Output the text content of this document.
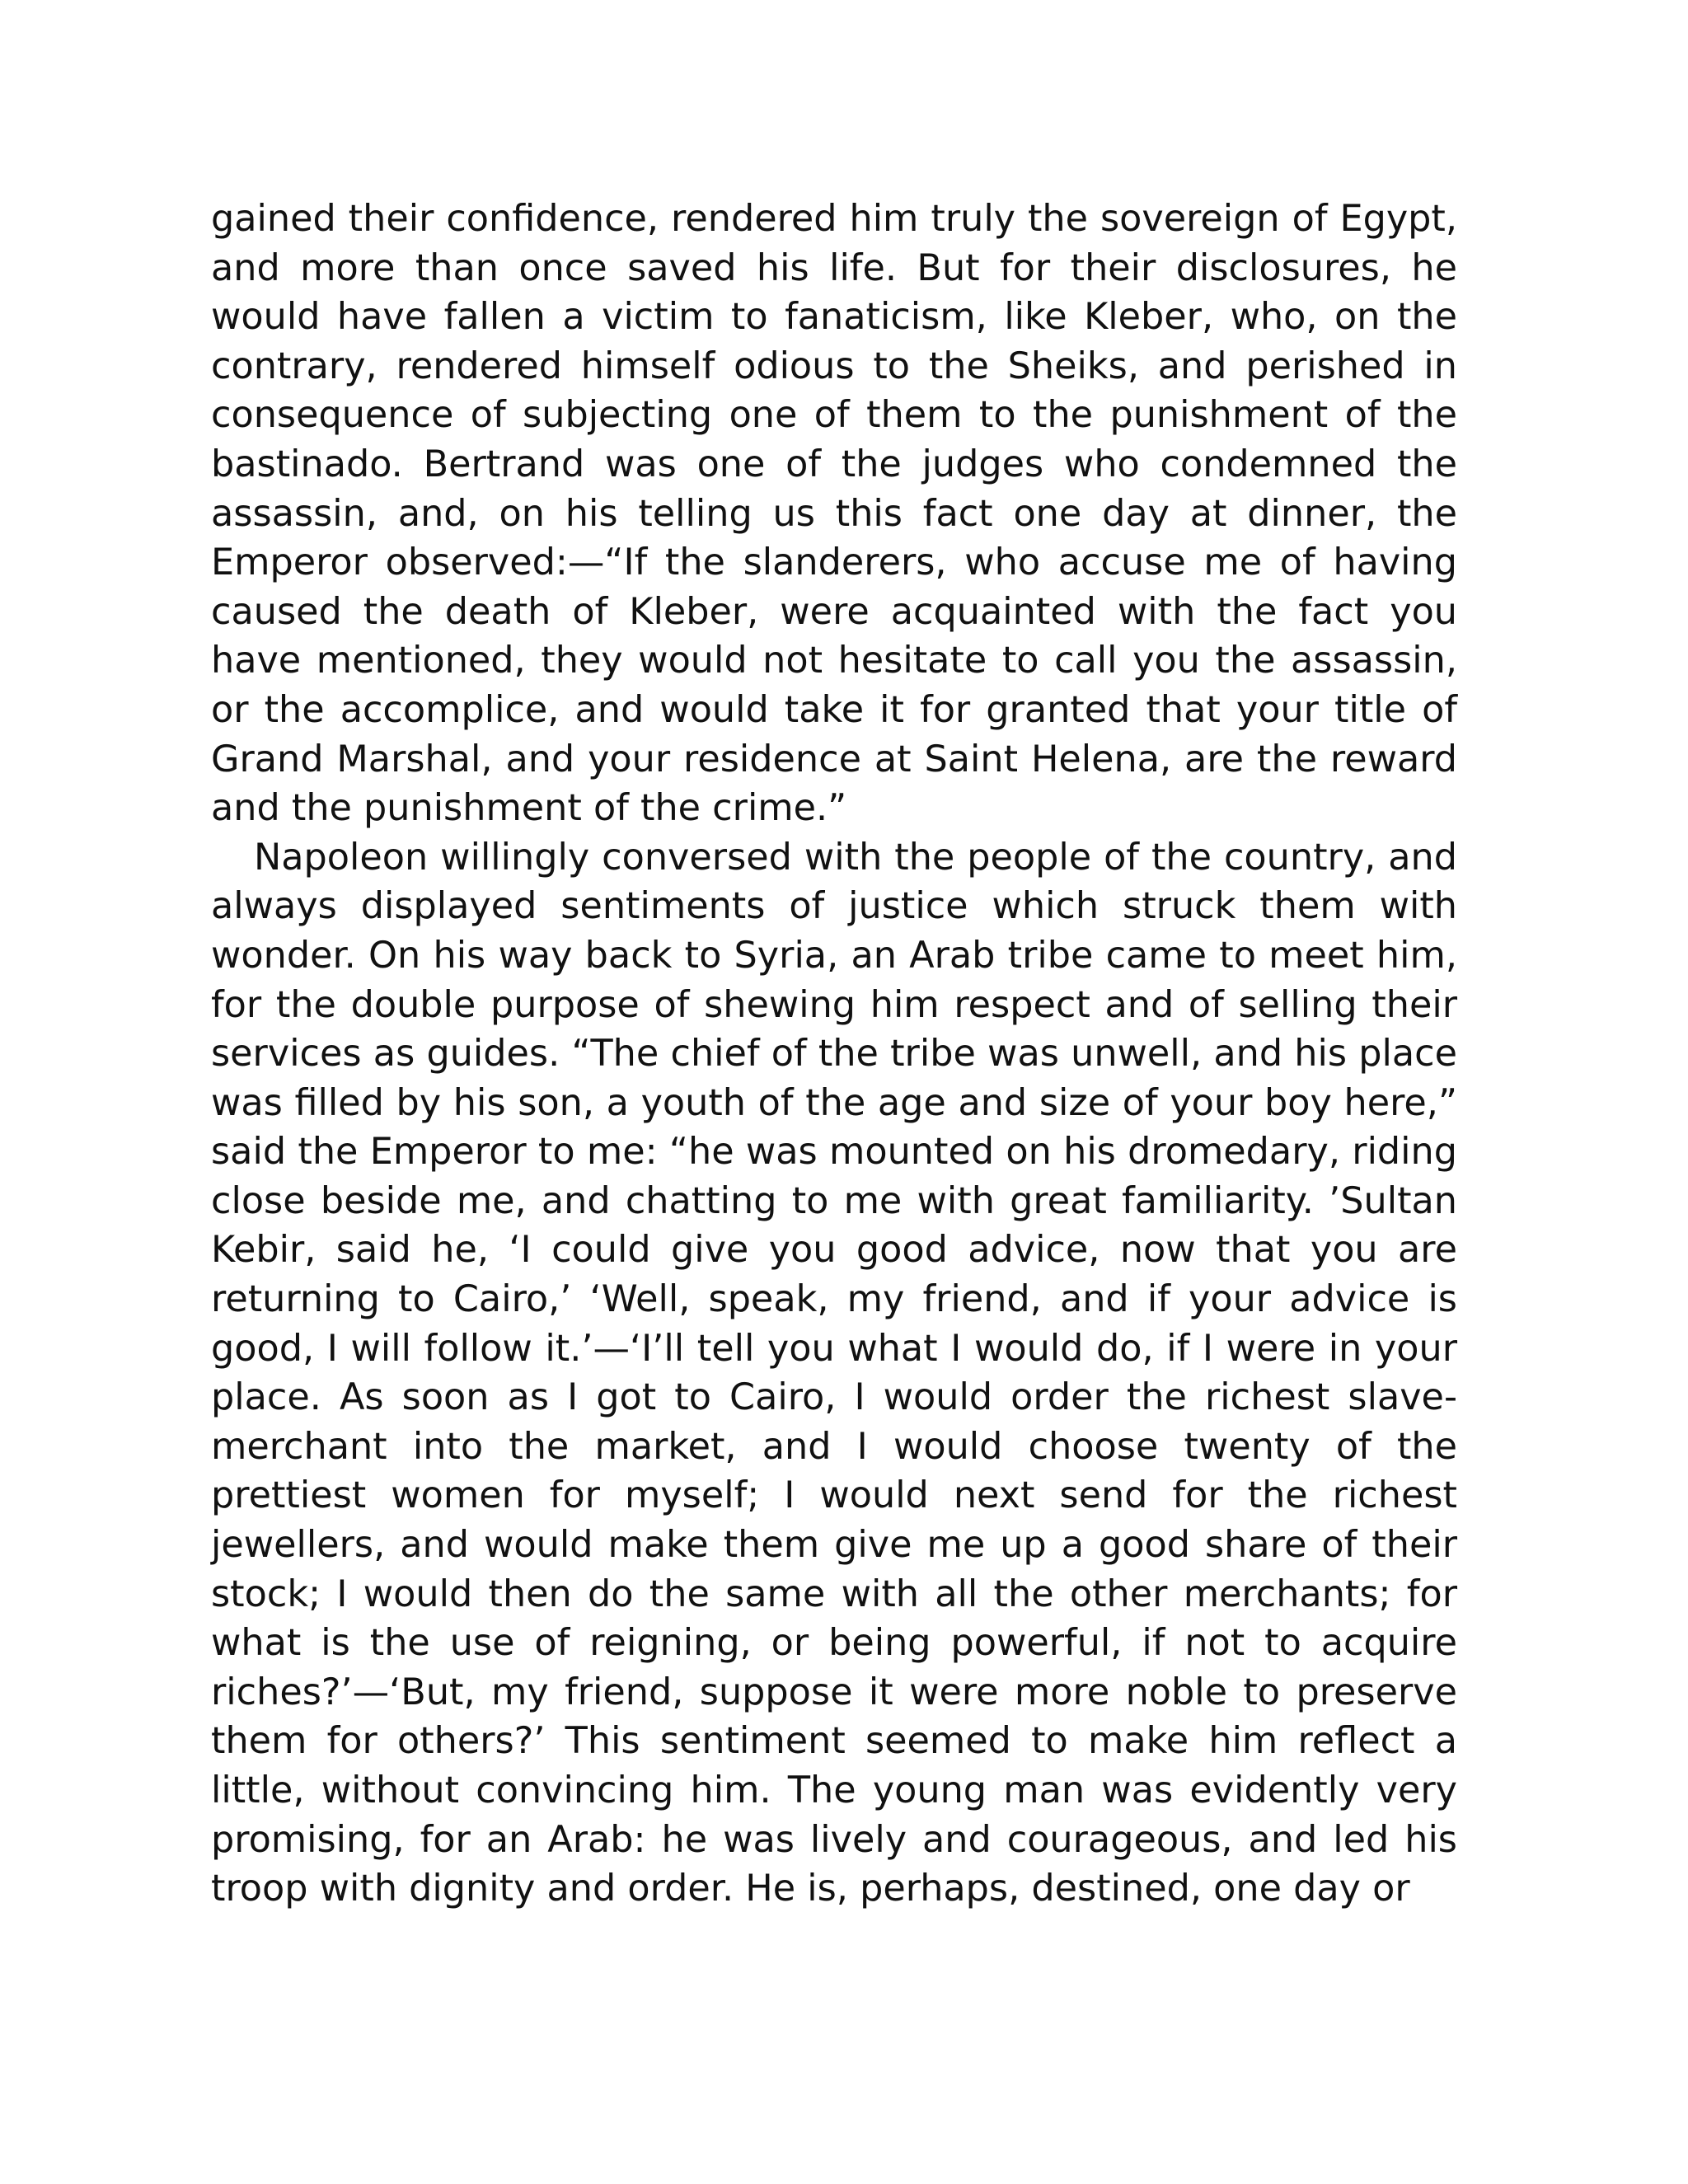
gained their confidence, rendered him truly the sovereign of Egypt, and more than once saved his life. But for their disclosures, he would have fallen a victim to fanaticism, like Kleber, who, on the contrary, rendered himself odious to the Sheiks, and perished in consequence of subjecting one of them to the punishment of the bastinado. Bertrand was one of the judges who condemned the assassin, and, on his telling us this fact one day at dinner, the Emperor observed:—“If the slanderers, who accuse me of having caused the death of Kleber, were acquainted with the fact you have mentioned, they would not hesitate to call you the assassin, or the accomplice, and would take it for granted that your title of Grand Marshal, and your residence at Saint Helena, are the reward and the punishment of the crime.”

Napoleon willingly conversed with the people of the country, and always displayed sentiments of justice which struck them with wonder. On his way back to Syria, an Arab tribe came to meet him, for the double purpose of shewing him respect and of selling their services as guides. “The chief of the tribe was unwell, and his place was filled by his son, a youth of the age and size of your boy here,” said the Emperor to me: “he was mounted on his dromedary, riding close beside me, and chatting to me with great familiarity. ’Sultan Kebir, said he, ‘I could give you good advice, now that you are returning to Cairo,’ ‘Well, speak, my friend, and if your advice is good, I will follow it.’—‘I’ll tell you what I would do, if I were in your place. As soon as I got to Cairo, I would order the richest slave-merchant into the market, and I would choose twenty of the prettiest women for myself; I would next send for the richest jewellers, and would make them give me up a good share of their stock; I would then do the same with all the other merchants; for what is the use of reigning, or being powerful, if not to acquire riches?’—‘But, my friend, suppose it were more noble to preserve them for others?’ This sentiment seemed to make him reflect a little, without convincing him. The young man was evidently very promising, for an Arab: he was lively and courageous, and led his troop with dignity and order. He is, perhaps, destined, one day or
